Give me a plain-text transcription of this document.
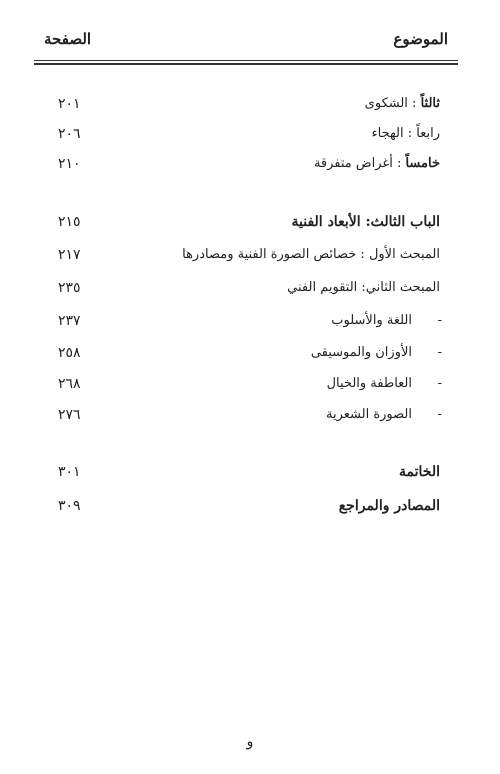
الموضوع
الصفحة
ثالثاً : الشكوى
٢٠١
رابعاً : الهجاء
٢٠٦
خامساً : أغراض متفرقة
٢١٠
الباب الثالث: الأبعاد الفنية
٢١٥
المبحث الأول : خصائص الصورة الفنية ومصادرها
٢١٧
المبحث الثاني: التقويم الفني
٢٣٥
-
اللغة والأسلوب
٢٣٧
-
الأوزان والموسيقى
٢٥٨
-
العاطفة والخيال
٢٦٨
-
الصورة الشعرية
٢٧٦
الخاتمة
٣٠١
المصادر والمراجع
٣٠٩
و
